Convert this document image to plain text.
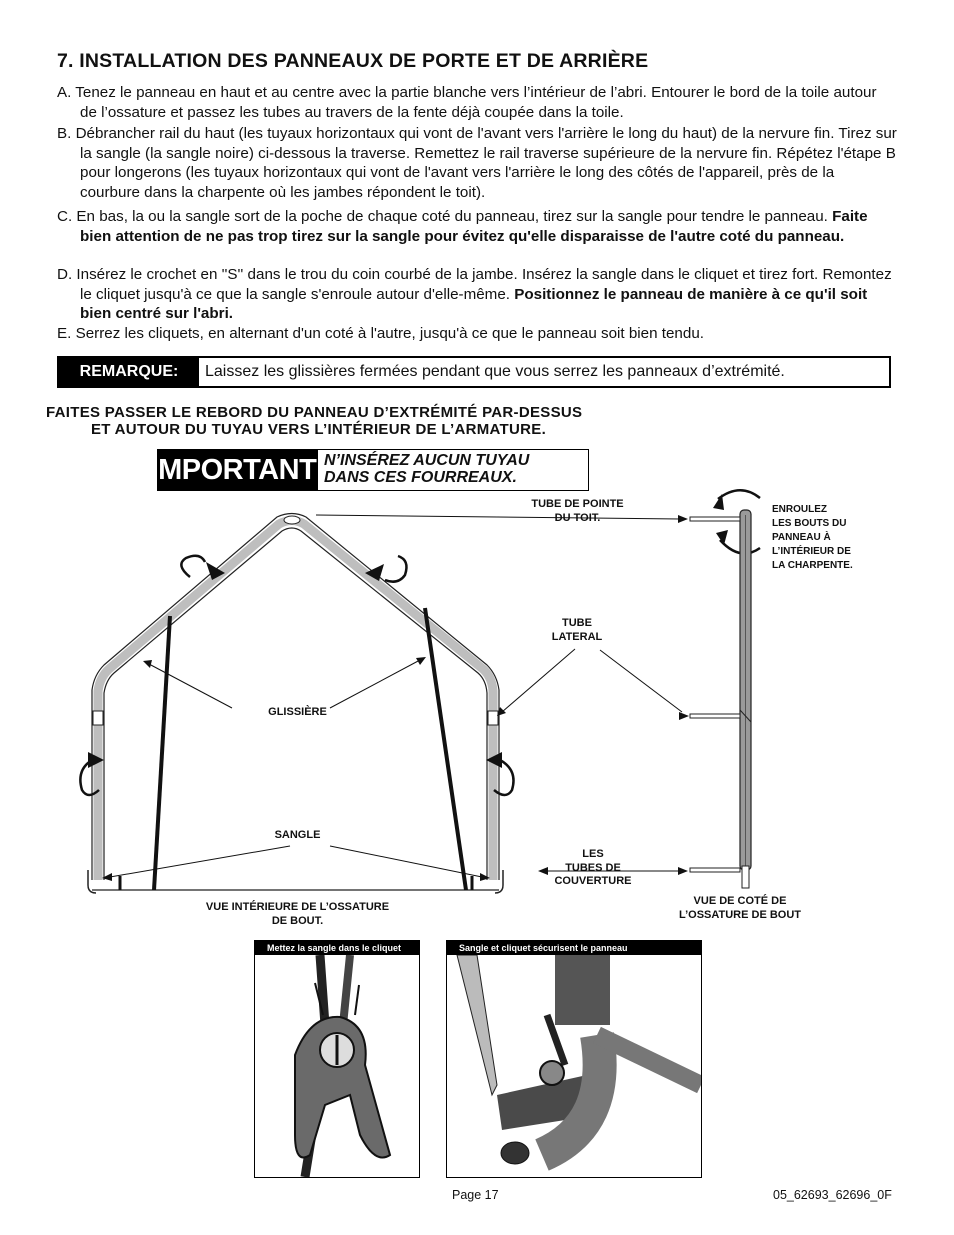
7. INSTALLATION DES PANNEAUX DE PORTE ET DE ARRIÈRE
A. Tenez le panneau en haut et au centre avec la partie blanche vers l’intérieur de l’abri. Entourer le bord de la toile autour de l’ossature et passez les tubes au travers de la fente déjà coupée dans la toile.
B. Débrancher rail du haut (les tuyaux horizontaux qui vont de l'avant vers l'arrière le long du haut) de la nervure fin. Tirez sur la sangle (la sangle noire) ci-dessous la traverse. Remettez le rail traverse supérieure de la nervure fin. Répétez l'étape B pour longerons (les tuyaux horizontaux qui vont de l'avant vers l'arrière le long des côtés de l'appareil, près de la courbure dans la charpente où les jambes répondent le toit).
C. En bas, la ou la sangle sort de la poche de chaque coté du panneau, tirez sur la sangle pour tendre le panneau. Faite bien attention de ne pas trop tirez sur la sangle pour évitez qu'elle disparaisse de l'autre coté du panneau.
D. Insérez le crochet en ''S'' dans le trou du coin courbé de la jambe. Insérez la sangle dans le cliquet et tirez fort. Remontez le cliquet jusqu'à ce que la sangle s'enroule autour d'elle-même. Positionnez le panneau de manière à ce qu'il soit bien centré sur l'abri.
E. Serrez les cliquets, en alternant d'un coté à l'autre, jusqu'à ce que le panneau soit bien tendu.
REMARQUE:	Laissez les glissières fermées pendant que vous serrez les panneaux d’extrémité.
FAITES PASSER LE REBORD DU PANNEAU D’EXTRÉMITÉ PAR-DESSUS
ET AUTOUR DU TUYAU VERS L’INTÉRIEUR DE L’ARMATURE.
IMPORTANT!
N’INSÉREZ AUCUN TUYAU
DANS CES FOURREAUX.
TUBE DE POINTE
DU TOIT.
ENROULEZ
LES BOUTS DU
PANNEAU À
L’INTÉRIEUR DE
LA CHARPENTE.
TUBE
LATERAL
GLISSIÈRE
SANGLE
LES
TUBES DE
COUVERTURE
VUE INTÉRIEURE DE L’OSSATURE
DE BOUT.
VUE DE COTÉ DE
L’OSSATURE DE BOUT
Mettez la sangle dans le cliquet	Sangle et cliquet sécurisent le panneau
Page 17	05_62693_62696_0F
